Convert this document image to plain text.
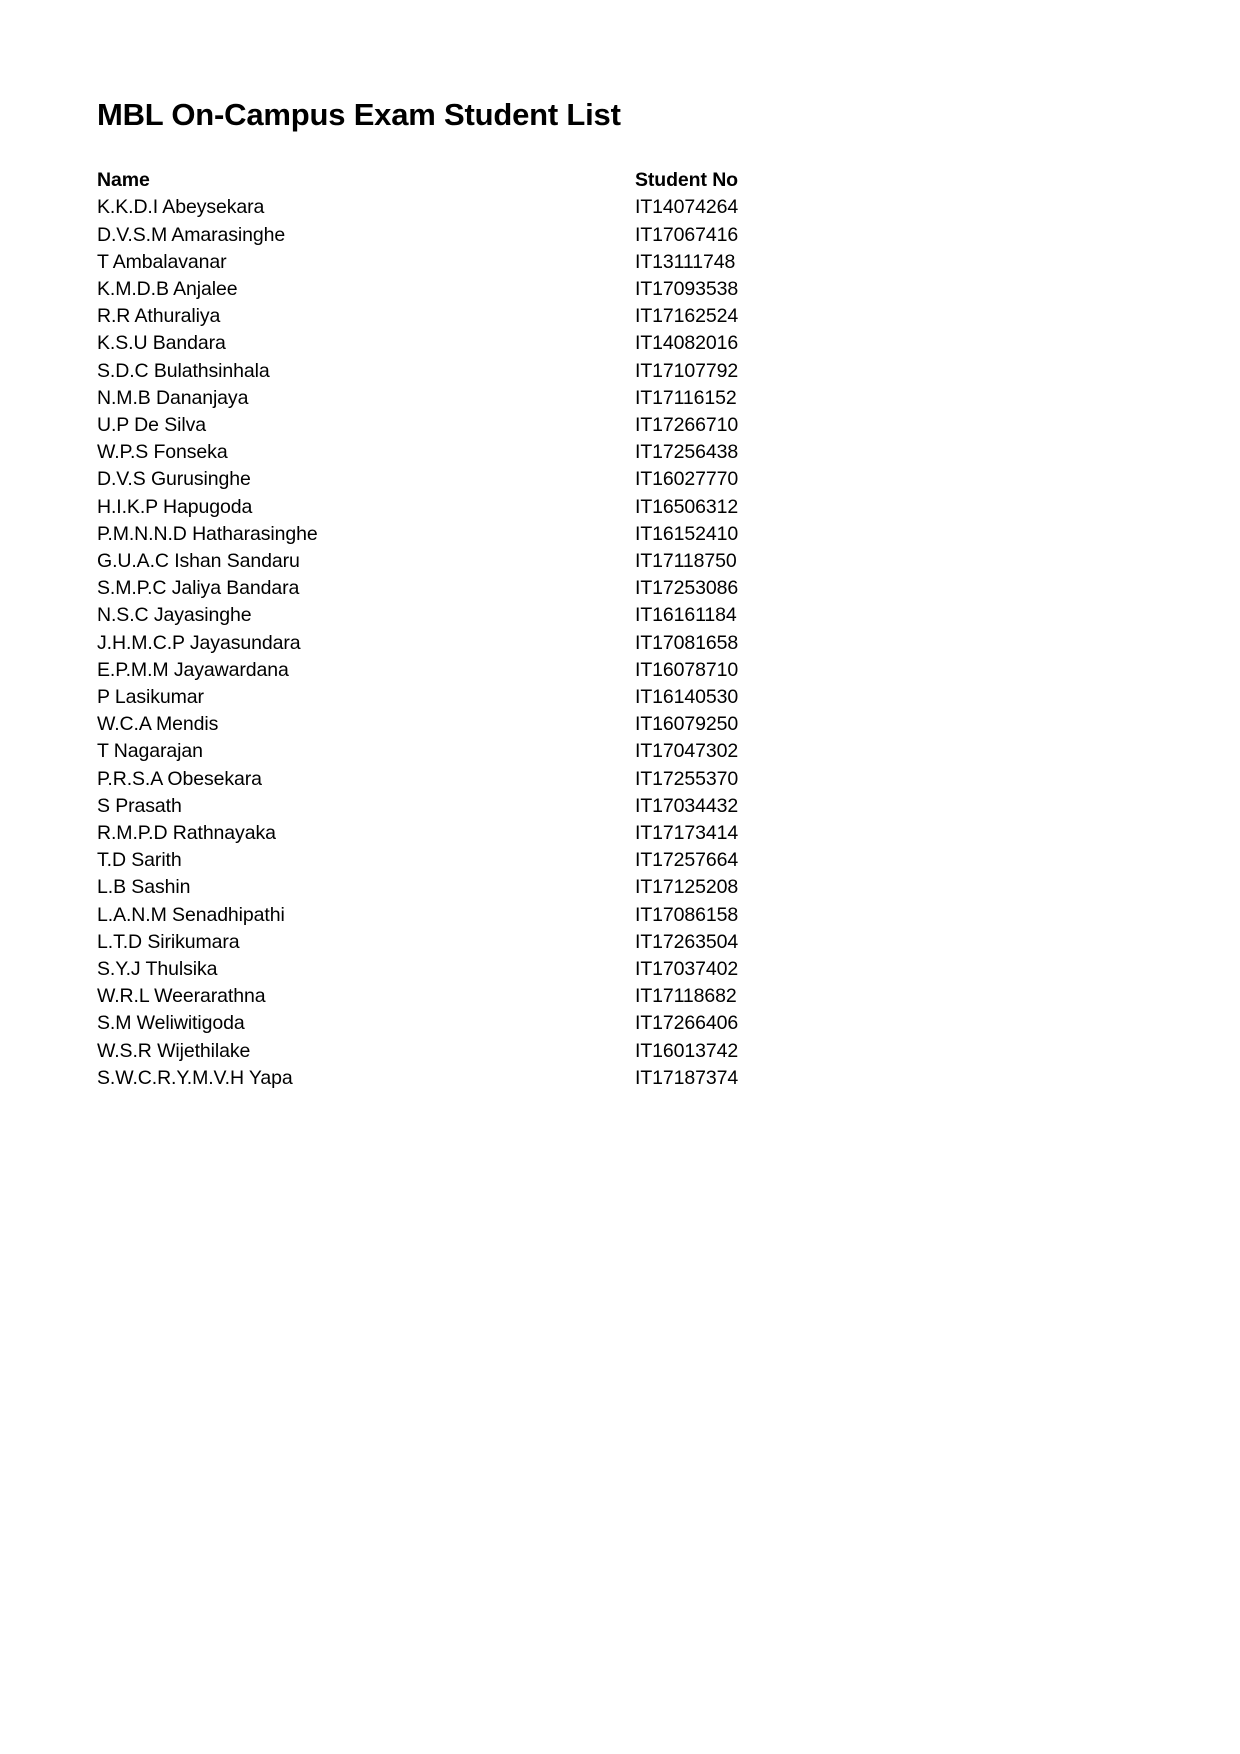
MBL On-Campus Exam Student List
Name	Student No
K.K.D.I Abeysekara	IT14074264
D.V.S.M Amarasinghe	IT17067416
T Ambalavanar	IT13111748
K.M.D.B Anjalee	IT17093538
R.R Athuraliya	IT17162524
K.S.U Bandara	IT14082016
S.D.C Bulathsinhala	IT17107792
N.M.B Dananjaya	IT17116152
U.P De Silva	IT17266710
W.P.S Fonseka	IT17256438
D.V.S Gurusinghe	IT16027770
H.I.K.P Hapugoda	IT16506312
P.M.N.N.D Hatharasinghe	IT16152410
G.U.A.C Ishan Sandaru	IT17118750
S.M.P.C Jaliya Bandara	IT17253086
N.S.C Jayasinghe	IT16161184
J.H.M.C.P Jayasundara	IT17081658
E.P.M.M Jayawardana	IT16078710
P Lasikumar	IT16140530
W.C.A Mendis	IT16079250
T Nagarajan	IT17047302
P.R.S.A Obesekara	IT17255370
S Prasath	IT17034432
R.M.P.D Rathnayaka	IT17173414
T.D Sarith	IT17257664
L.B Sashin	IT17125208
L.A.N.M Senadhipathi	IT17086158
L.T.D Sirikumara	IT17263504
S.Y.J Thulsika	IT17037402
W.R.L Weerarathna	IT17118682
S.M Weliwitigoda	IT17266406
W.S.R Wijethilake	IT16013742
S.W.C.R.Y.M.V.H Yapa	IT17187374
